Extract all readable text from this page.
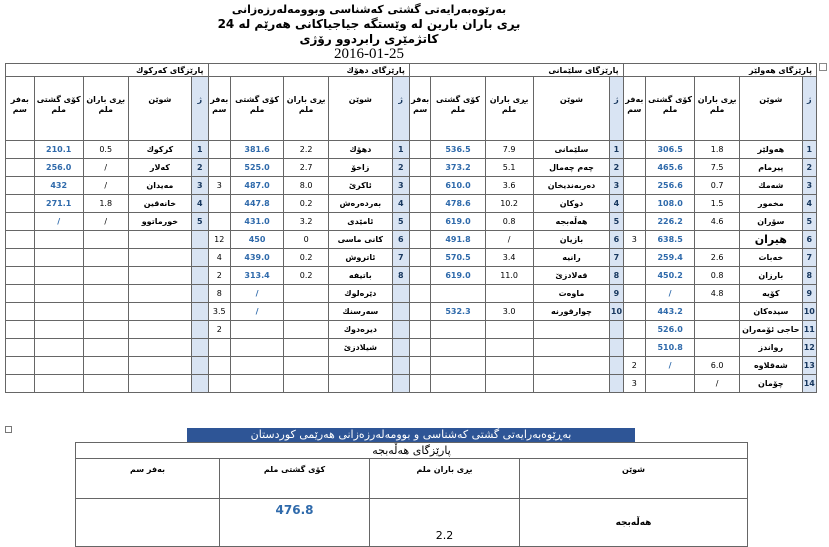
بەرێوەبەرایەتی گشتی کەشناسی وبوومەلەرزەزانی
بڕی باران بارین لە وێستگە جیاجیاکانی هەرێم لە 24 کاتژمێری رابردوو رۆژی
2016-01-25
پارێزگای كەركوك					پارێزگای دهۆك					پارێزگای سلێمانی					پارێزگای هەولێر				
بەفر سم	كۆی گشتی ملم	بڕی باران ملم	شوێن	ژ	بەفر سم	كۆی گشتی ملم	بڕی باران ملم	شوێن	ژ	بەفر سم	كۆی گشتی ملم	بڕی باران ملم	شوێن	ژ	بەفر سم	كۆی گشتی ملم	بڕی باران ملم	شوێن	ژ
	210.1	0.5	كركوك	1		381.6	2.2	دهۆك	1		536.5	7.9	سلێمانی	1		306.5	1.8	هەولێر	1
	256.0	/	كەلار	2		525.0	2.7	زاخۆ	2		373.2	5.1	چەم چەمال	2		465.6	7.5	پیرمام	2
	432	/	مەیدان	3	3	487.0	8.0	ئاکرێ	3		610.0	3.6	دەربەندیخان	3		256.6	0.7	شەمك	3
	271.1	1.8	خانەقین	4		447.8	0.2	بەردەرەش	4		478.6	10.2	دوكان	4		108.0	1.5	مخمور	4
	/	/	خورماتوو	5		431.0	3.2	ئامێدی	5		619.0	0.8	هەڵەبجە	5		226.2	4.6	سۆران	5
					12	450	0	كانی ماسی	6		491.8	/	بازیان	6	3	638.5		هیران	6
					4	439.0	0.2	ئاتروش	7		570.5	3.4	رانیە	7		259.4	2.6	خەبات	7
					2	313.4	0.2	باتیفە	8		619.0	11.0	قەلادزێ	8		450.2	0.8	بارزان	8
					8	/		دێرەلوك					ماوەت	9		/	4.8	كۆیە	9
					3.5	/		سەرسنك			532.3	3.0	چوارقورنە	10		443.2		سیدەكان	10
					2			دیرەدوك								526.0		حاجی ئۆمەران	11
								شیلادزێ								510.8		رواندز	12
															2	/	6.0	شەقلاوە	13
															3		/	چۆمان	14
بەڕێوەبەرایەتی گشتی کەشناسی و بوومەلەرزەزانی هەرێمی کوردستان
پارێزگای هەڵەبجە			
بەفر سم	كۆی گشتی ملم	بڕی باران ملم	شوێن
	476.8	2.2	هەڵەبجە
